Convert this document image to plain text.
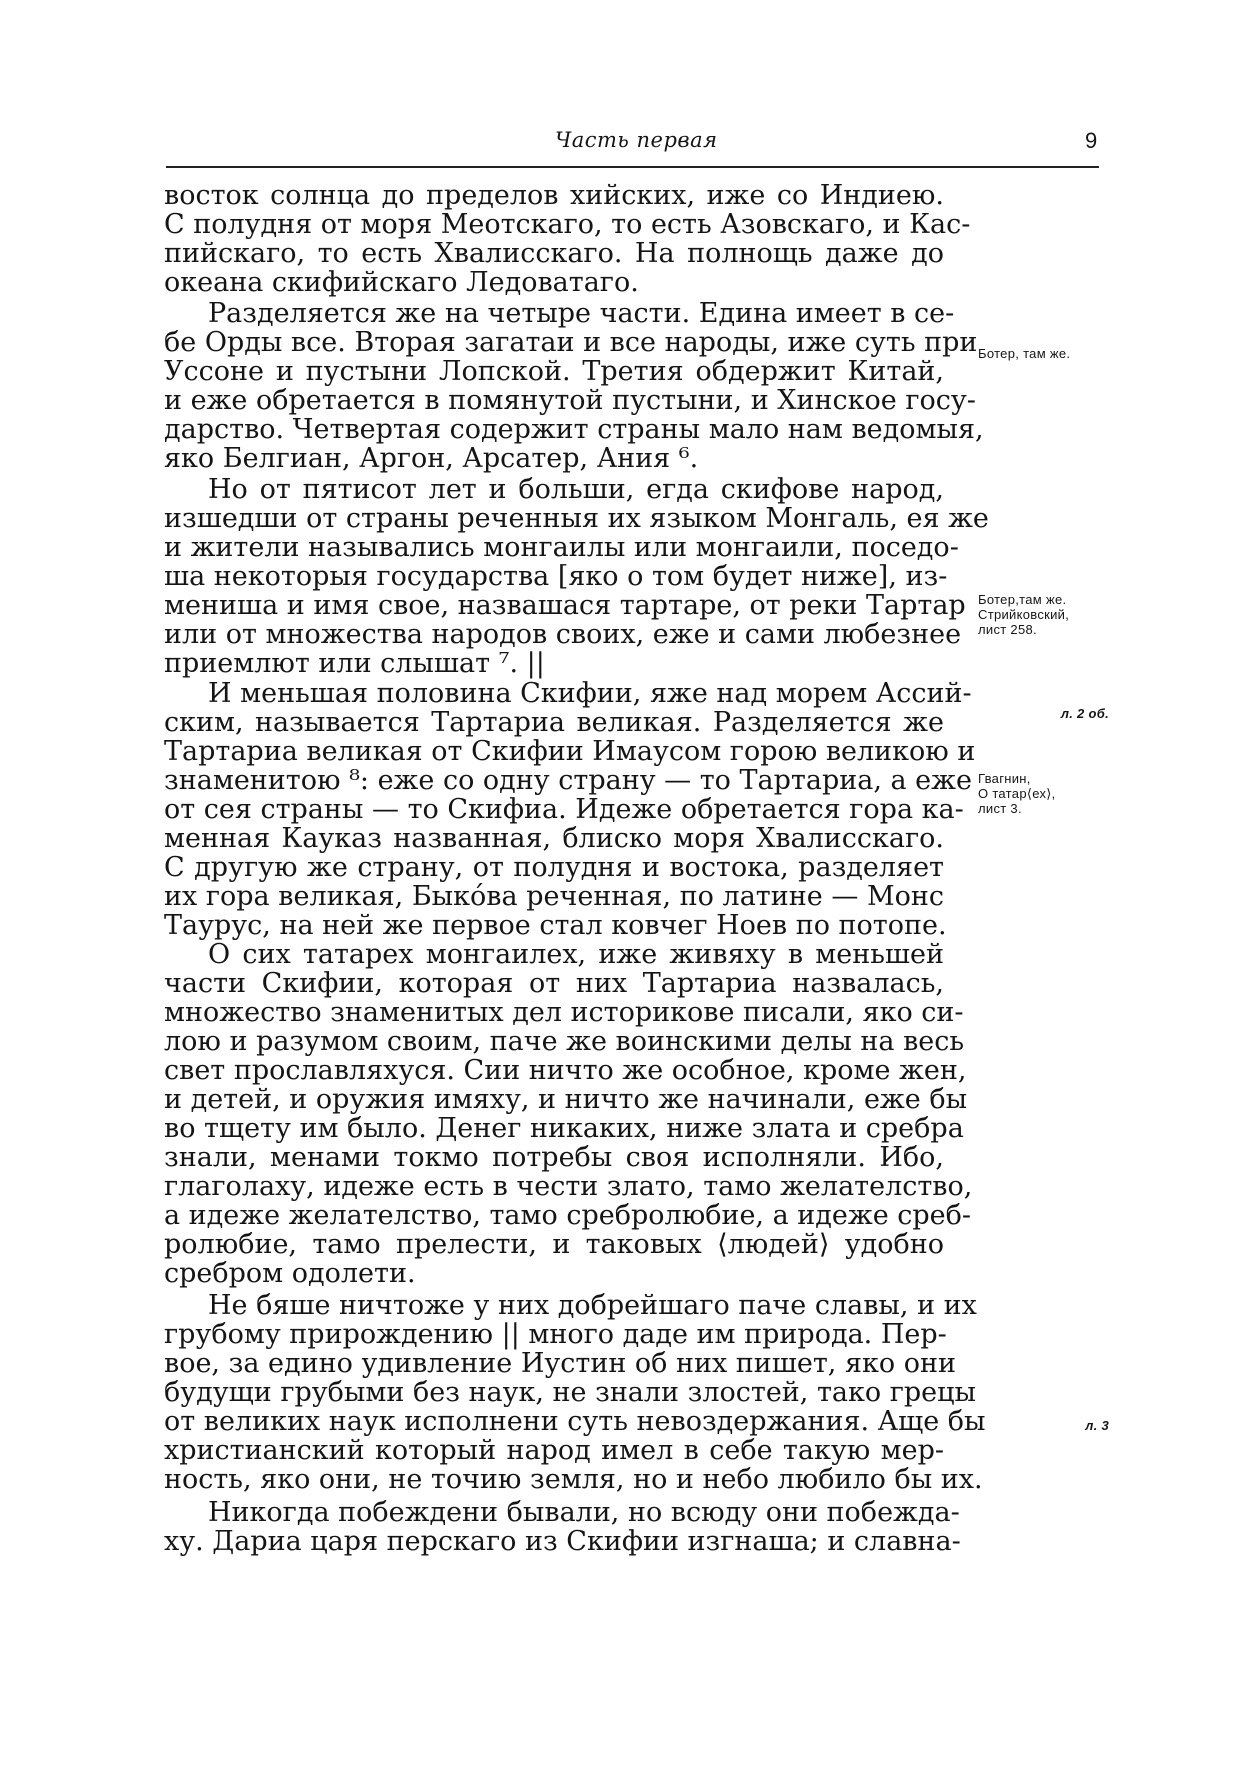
Часть первая	9
восток солнца до пределов хийских, иже со Индиею.
С полудня от моря Меотскаго, то есть Азовскаго, и Кас-
пийскаго, то есть Хвалисскаго. На полнощь даже до
океана скифийскаго Ледоватаго.
Разделяется же на четыре части. Едина имеет в се-
бе Орды все. Вторая загатаи и все народы, иже суть при
Уссоне и пустыни Лопской. Третия обдержит Китай,
и еже обретается в помянутой пустыни, и Хинское госу-
дарство. Четвертая содержит страны мало нам ведомыя,
яко Белгиан, Аргон, Арсатер, Ания ⁶.
Но от пятисот лет и больши, егда скифове народ,
изшедши от страны реченныя их языком Монгаль, ея же
и жители назывались монгаилы или монгаили, поседо-
ша некоторыя государства [яко о том будет ниже], из-
мениша и имя свое, назвашася тартаре, от реки Тартар
или от множества народов своих, еже и сами любезнее
приемлют или слышат ⁷. ||
И меньшая половина Скифии, яже над морем Ассий-
ским, называется Тартариа великая. Разделяется же
Тартариа великая от Скифии Имаусом горою великою и
знаменитою ⁸: еже со одну страну — то Тартариа, а еже
от сея страны — то Скифиа. Идеже обретается гора ка-
менная Кауказ названная, блиско моря Хвалисскаго.
С другую же страну, от полудня и востока, разделяет
их гора великая, Быко́ва реченная, по латине — Монс
Таурус, на ней же первое стал ковчег Ноев по потопе.
О сих татарех монгаилех, иже живяху в меньшей
части Скифии, которая от них Тартариа назвалась,
множество знаменитых дел историкове писали, яко си-
лою и разумом своим, паче же воинскими делы на весь
свет прославляхуся. Сии ничто же особное, кроме жен,
и детей, и оружия имяху, и ничто же начинали, еже бы
во тщету им было. Денег никаких, ниже злата и сребра
знали, менами токмо потребы своя исполняли. Ибо,
глаголаху, идеже есть в чести злато, тамо желателство,
а идеже желателство, тамо сребролюбие, а идеже среб-
ролюбие, тамо прелести, и таковых ⟨людей⟩ удобно
сребром одолети.
Не бяше ничтоже у них добрейшаго паче славы, и их
грубому прирождению || много даде им природа. Пер-
вое, за едино удивление Иустин об них пишет, яко они
будущи грубыми без наук, не знали злостей, тако грецы
от великих наук исполнени суть невоздержания. Аще бы
христианский который народ имел в себе такую мер-
ность, яко они, не точию земля, но и небо любило бы их.
Никогда побеждени бывали, но всюду они побежда-
ху. Дариа царя перскаго из Скифии изгнаша; и славна-
Ботер, там же.
Ботер,там же.
Стрийковский,
лист 258.
л. 2 об.
Гвагнин,
О татар⟨ех⟩,
лист 3.
л. 3
